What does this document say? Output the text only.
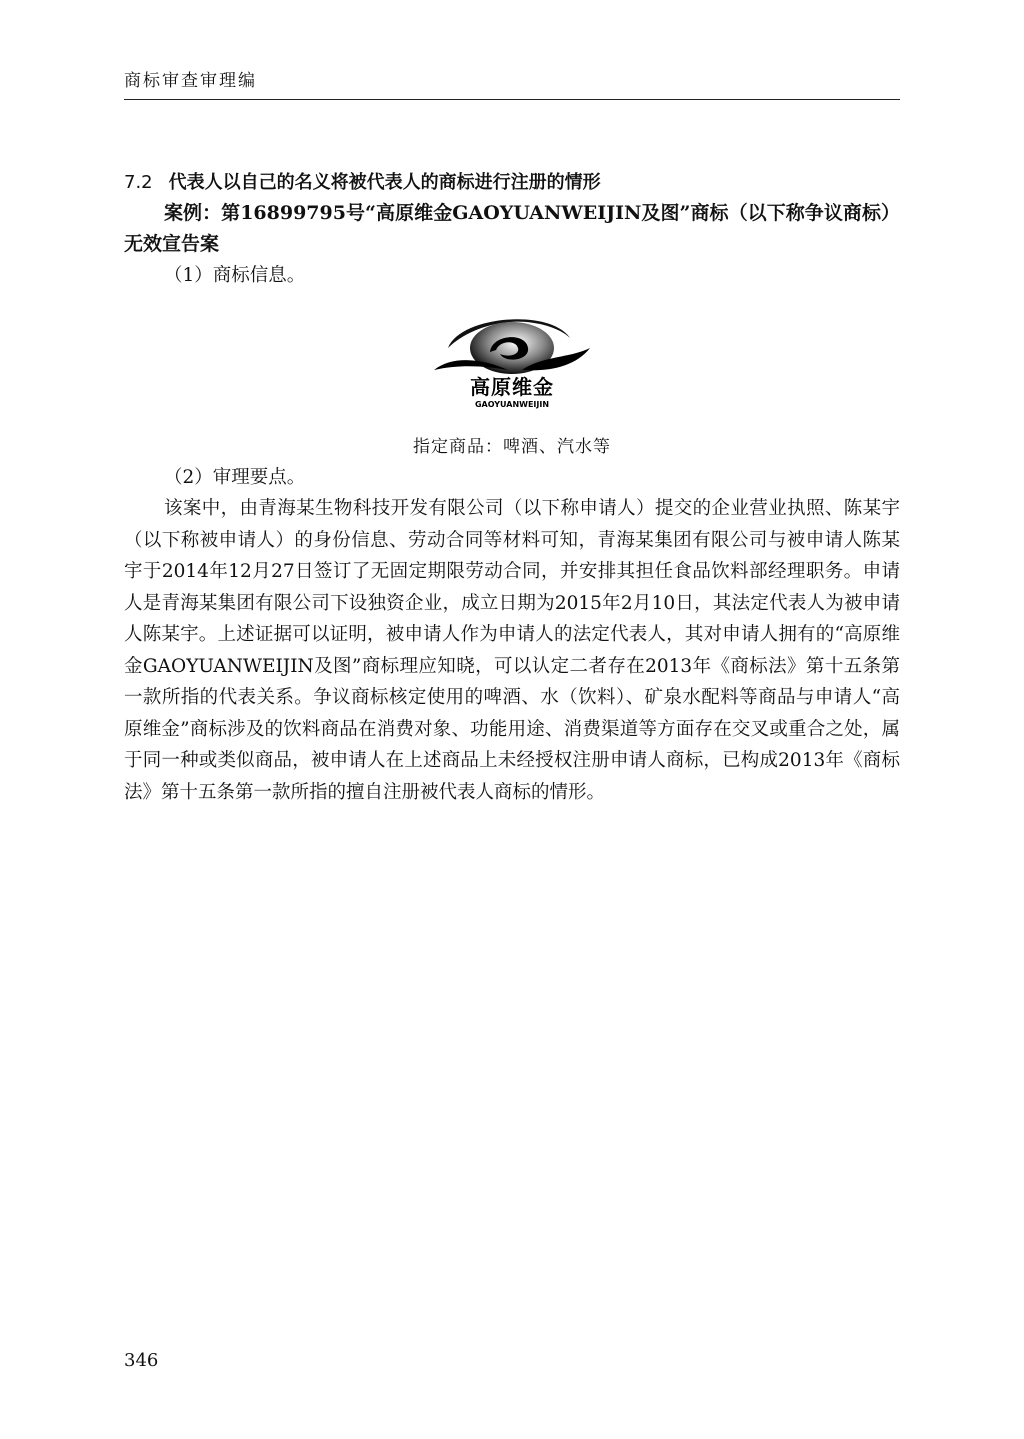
商标审查审理编

7.2 代表人以自己的名义将被代表人的商标进行注册的情形

案例：第16899795号“高原维金GAOYUANWEIJIN及图”商标（以下称争议商标）无效宣告案

（1）商标信息。

高原维金
GAOYUANWEIJIN

指定商品：啤酒、汽水等

（2）审理要点。

该案中，由青海某生物科技开发有限公司（以下称申请人）提交的企业营业执照、陈某宇（以下称被申请人）的身份信息、劳动合同等材料可知，青海某集团有限公司与被申请人陈某宇于2014年12月27日签订了无固定期限劳动合同，并安排其担任食品饮料部经理职务。申请人是青海某集团有限公司下设独资企业，成立日期为2015年2月10日，其法定代表人为被申请人陈某宇。上述证据可以证明，被申请人作为申请人的法定代表人，其对申请人拥有的“高原维金GAOYUANWEIJIN及图”商标理应知晓，可以认定二者存在2013年《商标法》第十五条第一款所指的代表关系。争议商标核定使用的啤酒、水（饮料）、矿泉水配料等商品与申请人“高原维金”商标涉及的饮料商品在消费对象、功能用途、消费渠道等方面存在交叉或重合之处，属于同一种或类似商品，被申请人在上述商品上未经授权注册申请人商标，已构成2013年《商标法》第十五条第一款所指的擅自注册被代表人商标的情形。

346
